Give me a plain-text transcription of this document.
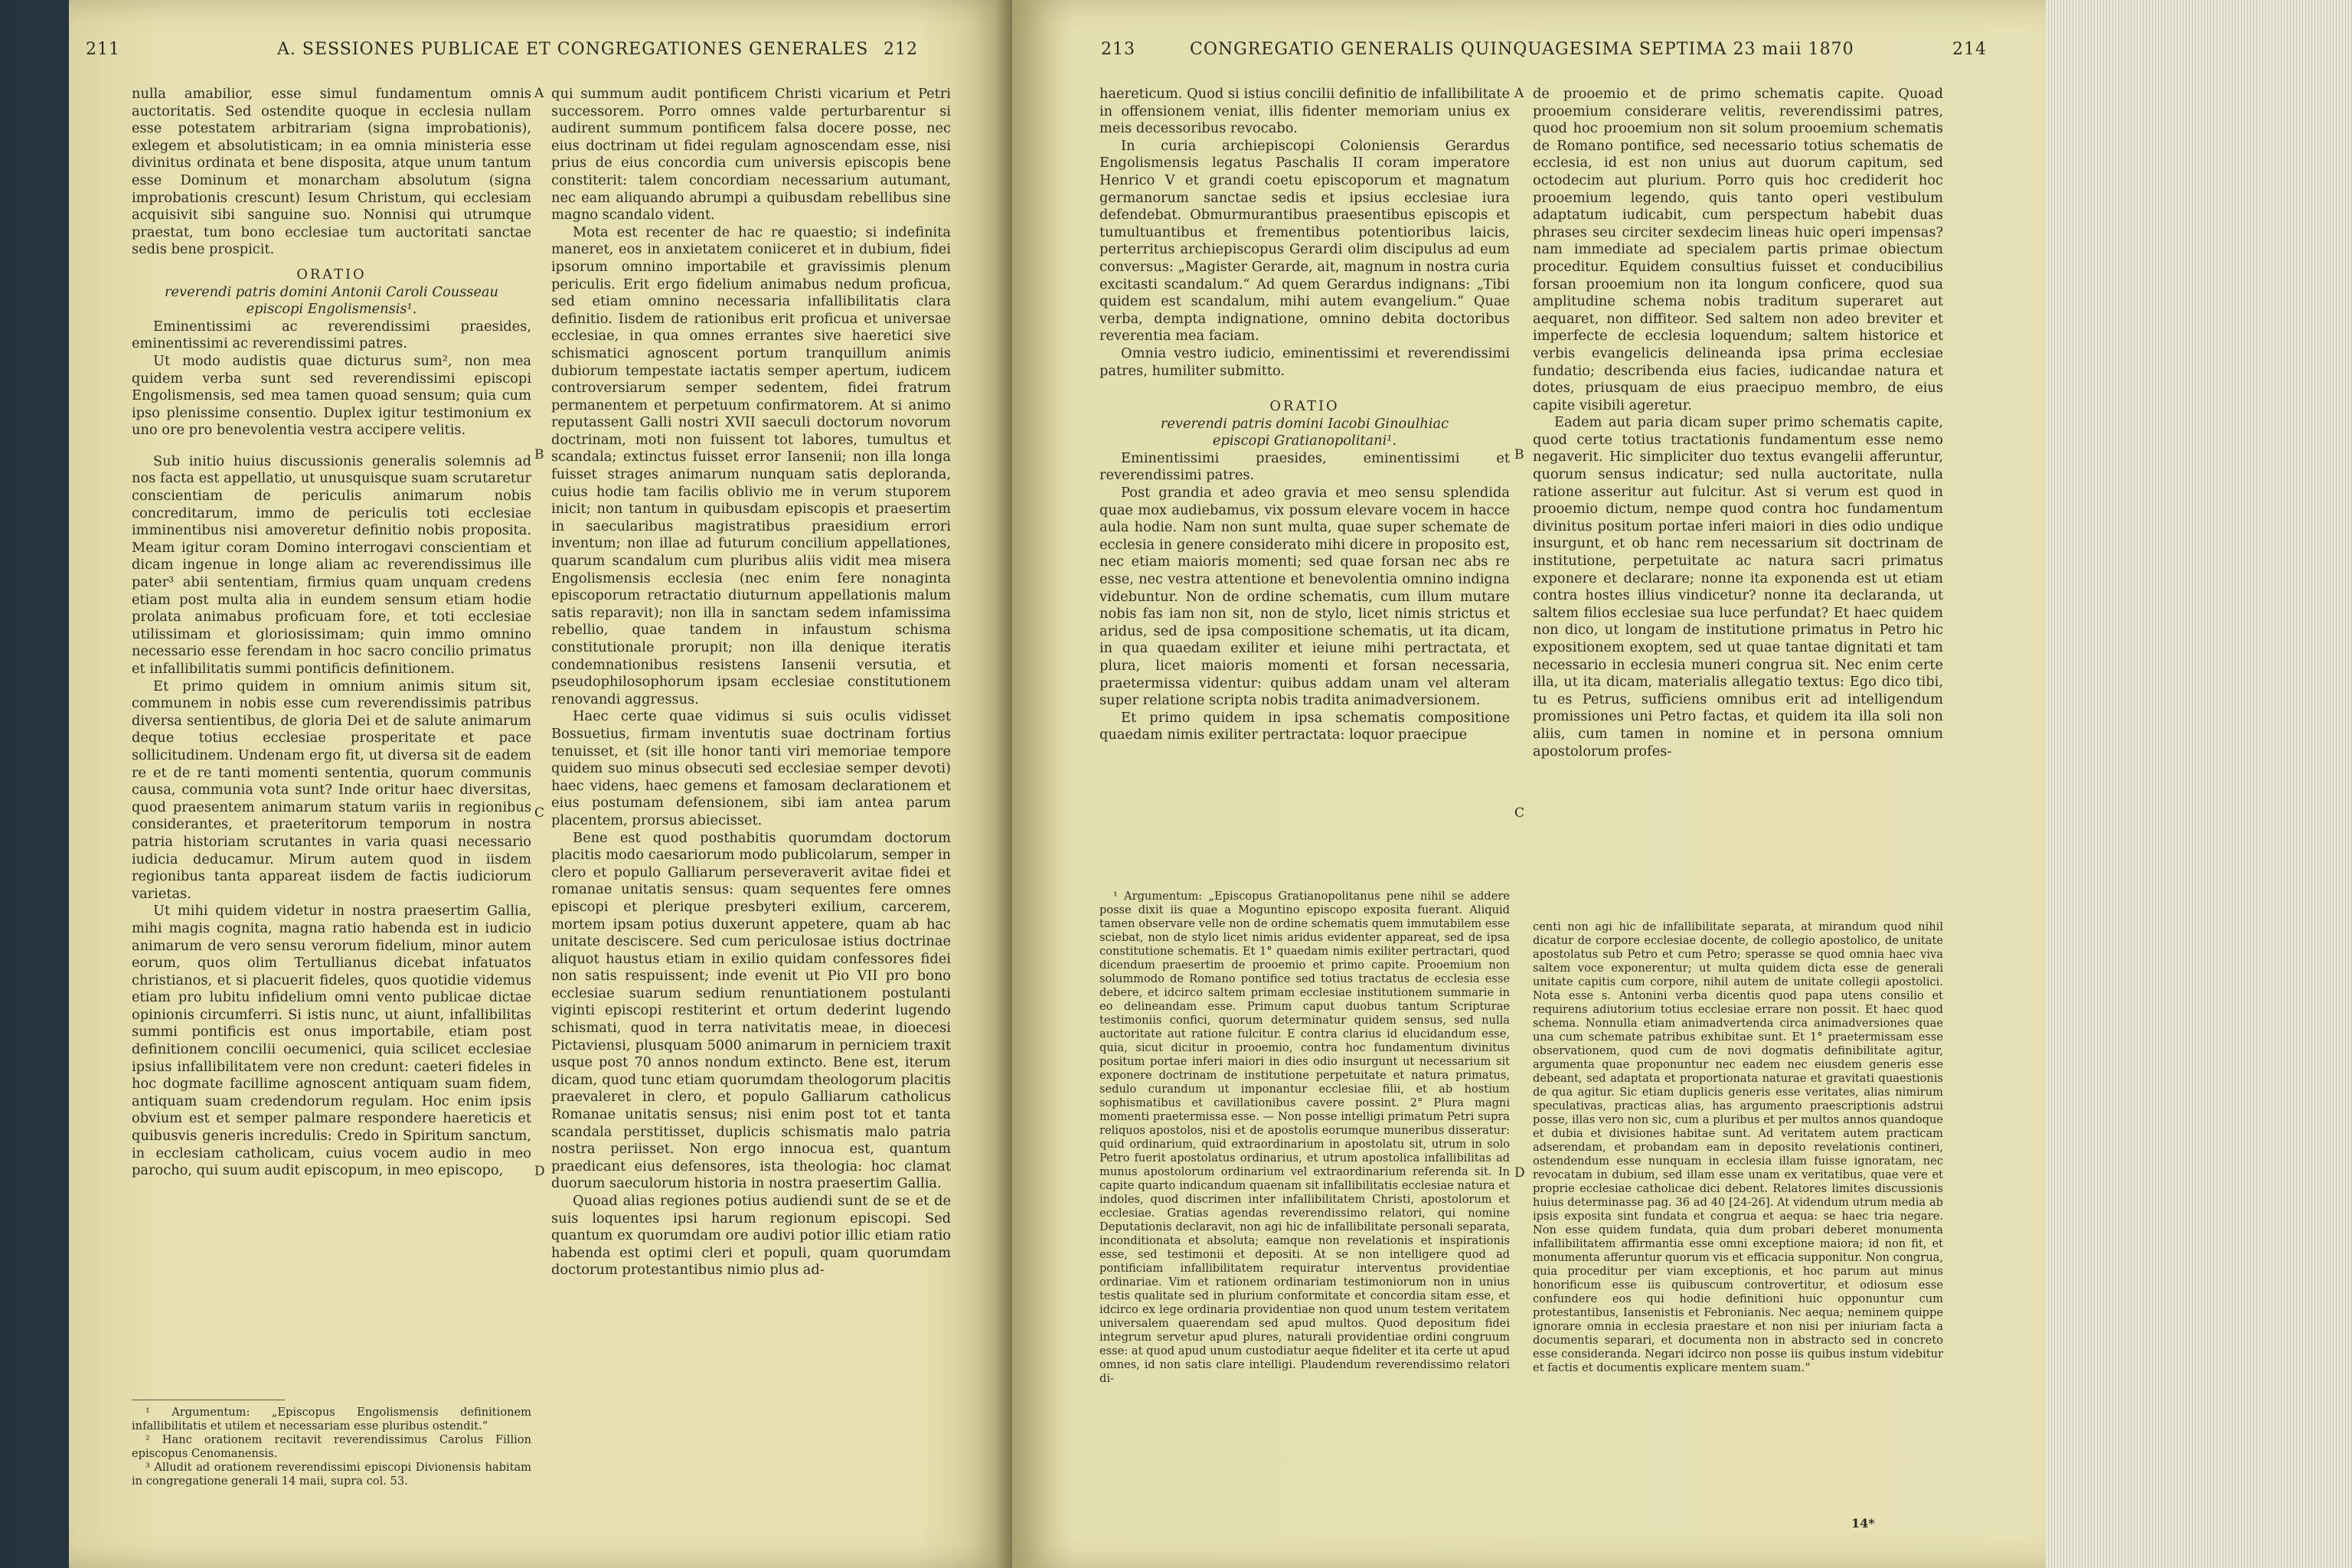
211	A. SESSIONES PUBLICAE ET CONGREGATIONES GENERALES 212

nulla amabilior, esse simul fundamentum omnis auctoritatis. Sed ostendite quoque in ecclesia nullam esse potestatem arbitrariam (signa improbationis), exlegem et absolutisticam; in ea omnia ministeria esse divinitus ordinata et bene disposita, atque unum tantum esse Dominum et monarcham absolutum (signa improbationis crescunt) Iesum Christum, qui ecclesiam acquisivit sibi sanguine suo. Nonnisi qui utrumque praestat, tum bono ecclesiae tum auctoritati sanctae sedis bene prospicit.

ORATIO

reverendi patris domini Antonii Caroli Cousseau

episcopi Engolismensis¹.

Eminentissimi ac reverendissimi praesides, eminentissimi ac reverendissimi patres.

Ut modo audistis quae dicturus sum², non mea quidem verba sunt sed reverendissimi episcopi Engolismensis, sed mea tamen quoad sensum; quia cum ipso plenissime consentio. Duplex igitur testimonium ex uno ore pro benevolentia vestra accipere velitis.

Sub initio huius discussionis generalis solemnis ad nos facta est appellatio, ut unusquisque suam scrutaretur conscientiam de periculis animarum nobis concreditarum, immo de periculis toti ecclesiae imminentibus nisi amoveretur definitio nobis proposita. Meam igitur coram Domino interrogavi conscientiam et dicam ingenue in longe aliam ac reverendissimus ille pater³ abii sententiam, firmius quam unquam credens etiam post multa alia in eundem sensum etiam hodie prolata animabus proficuam fore, et toti ecclesiae utilissimam et gloriosissimam; quin immo omnino necessario esse ferendam in hoc sacro concilio primatus et infallibilitatis summi pontificis definitionem.

Et primo quidem in omnium animis situm sit, communem in nobis esse cum reverendissimis patribus diversa sentientibus, de gloria Dei et de salute animarum deque totius ecclesiae prosperitate et pace sollicitudinem. Undenam ergo fit, ut diversa sit de eadem re et de re tanti momenti sententia, quorum communis causa, communia vota sunt? Inde oritur haec diversitas, quod praesentem animarum statum variis in regionibus considerantes, et praeteritorum temporum in nostra patria historiam scrutantes in varia quasi necessario iudicia deducamur. Mirum autem quod in iisdem regionibus tanta appareat iisdem de factis iudiciorum varietas.

Ut mihi quidem videtur in nostra praesertim Gallia, mihi magis cognita, magna ratio habenda est in iudicio animarum de vero sensu verorum fidelium, minor autem eorum, quos olim Tertullianus dicebat infatuatos christianos, et si placuerit fideles, quos quotidie videmus etiam pro lubitu infidelium omni vento publicae dictae opinionis circumferri. Si istis nunc, ut aiunt, infallibilitas summi pontificis est onus importabile, etiam post definitionem concilii oecumenici, quia scilicet ecclesiae ipsius infallibilitatem vere non credunt: caeteri fideles in hoc dogmate facillime agnoscent antiquam suam fidem, antiquam suam credendorum regulam. Hoc enim ipsis obvium est et semper palmare respondere haereticis et quibusvis generis incredulis: Credo in Spiritum sanctum, in ecclesiam catholicam, cuius vocem audio in meo parocho, qui suum audit episcopum, in meo episcopo,

¹ Argumentum: „Episcopus Engolismensis definitionem infallibilitatis et utilem et necessariam esse pluribus ostendit.“

² Hanc orationem recitavit reverendissimus Carolus Fillion episcopus Cenomanensis.

³ Alludit ad orationem reverendissimi episcopi Divionensis habitam in congregatione generali 14 maii, supra col. 53.

A
B
C
D

qui summum audit pontificem Christi vicarium et Petri successorem. Porro omnes valde perturbarentur si audirent summum pontificem falsa docere posse, nec eius doctrinam ut fidei regulam agnoscendam esse, nisi prius de eius concordia cum universis episcopis bene constiterit: talem concordiam necessarium autumant, nec eam aliquando abrumpi a quibusdam rebellibus sine magno scandalo vident.

Mota est recenter de hac re quaestio; si indefinita maneret, eos in anxietatem coniiceret et in dubium, fidei ipsorum omnino importabile et gravissimis plenum periculis. Erit ergo fidelium animabus nedum proficua, sed etiam omnino necessaria infallibilitatis clara definitio. Iisdem de rationibus erit proficua et universae ecclesiae, in qua omnes errantes sive haeretici sive schismatici agnoscent portum tranquillum animis dubiorum tempestate iactatis semper apertum, iudicem controversiarum semper sedentem, fidei fratrum permanentem et perpetuum confirmatorem. At si animo reputassent Galli nostri XVII saeculi doctorum novorum doctrinam, moti non fuissent tot labores, tumultus et scandala; extinctus fuisset error Iansenii; non illa longa fuisset strages animarum nunquam satis deploranda, cuius hodie tam facilis oblivio me in verum stuporem inicit; non tantum in quibusdam episcopis et praesertim in saecularibus magistratibus praesidium errori inventum; non illae ad futurum concilium appellationes, quarum scandalum cum pluribus aliis vidit mea misera Engolismensis ecclesia (nec enim fere nonaginta episcoporum retractatio diuturnum appellationis malum satis reparavit); non illa in sanctam sedem infamissima rebellio, quae tandem in infaustum schisma constitutionale prorupit; non illa denique iteratis condemnationibus resistens Iansenii versutia, et pseudophilosophorum ipsam ecclesiae constitutionem renovandi aggressus.

Haec certe quae vidimus si suis oculis vidisset Bossuetius, firmam inventutis suae doctrinam fortius tenuisset, et (sit ille honor tanti viri memoriae tempore quidem suo minus obsecuti sed ecclesiae semper devoti) haec videns, haec gemens et famosam declarationem et eius postumam defensionem, sibi iam antea parum placentem, prorsus abiecisset.

Bene est quod posthabitis quorumdam doctorum placitis modo caesariorum modo publicolarum, semper in clero et populo Galliarum perseveraverit avitae fidei et romanae unitatis sensus: quam sequentes fere omnes episcopi et plerique presbyteri exilium, carcerem, mortem ipsam potius duxerunt appetere, quam ab hac unitate desciscere. Sed cum periculosae istius doctrinae aliquot haustus etiam in exilio quidam confessores fidei non satis respuissent; inde evenit ut Pio VII pro bono ecclesiae suarum sedium renuntiationem postulanti viginti episcopi restiterint et ortum dederint lugendo schismati, quod in terra nativitatis meae, in dioecesi Pictaviensi, plusquam 5000 animarum in perniciem traxit usque post 70 annos nondum extincto. Bene est, iterum dicam, quod tunc etiam quorumdam theologorum placitis praevaleret in clero, et populo Galliarum catholicus Romanae unitatis sensus; nisi enim post tot et tanta scandala perstitisset, duplicis schismatis malo patria nostra periisset. Non ergo innocua est, quantum praedicant eius defensores, ista theologia: hoc clamat duorum saeculorum historia in nostra praesertim Gallia.

Quoad alias regiones potius audiendi sunt de se et de suis loquentes ipsi harum regionum episcopi. Sed quantum ex quorumdam ore audivi potior illic etiam ratio habenda est optimi cleri et populi, quam quorumdam doctorum protestantibus nimio plus ad-

213	CONGREGATIO GENERALIS QUINQUAGESIMA SEPTIMA 23 maii 1870	214

haereticum. Quod si istius concilii definitio de infallibilitate in offensionem veniat, illis fidenter memoriam unius ex meis decessoribus revocabo.

In curia archiepiscopi Coloniensis Gerardus Engolismensis legatus Paschalis II coram imperatore Henrico V et grandi coetu episcoporum et magnatum germanorum sanctae sedis et ipsius ecclesiae iura defendebat. Obmurmurantibus praesentibus episcopis et tumultuantibus et frementibus potentioribus laicis, perterritus archiepiscopus Gerardi olim discipulus ad eum conversus: „Magister Gerarde, ait, magnum in nostra curia excitasti scandalum.“ Ad quem Gerardus indignans: „Tibi quidem est scandalum, mihi autem evangelium.“ Quae verba, dempta indignatione, omnino debita doctoribus reverentia mea faciam.

Omnia vestro iudicio, eminentissimi et reverendissimi patres, humiliter submitto.

ORATIO

reverendi patris domini Iacobi Ginoulhiac

episcopi Gratianopolitani¹.

Eminentissimi praesides, eminentissimi et reverendissimi patres.

Post grandia et adeo gravia et meo sensu splendida quae mox audiebamus, vix possum elevare vocem in hacce aula hodie. Nam non sunt multa, quae super schemate de ecclesia in genere considerato mihi dicere in proposito est, nec etiam maioris momenti; sed quae forsan nec abs re esse, nec vestra attentione et benevolentia omnino indigna videbuntur. Non de ordine schematis, cum illum mutare nobis fas iam non sit, non de stylo, licet nimis strictus et aridus, sed de ipsa compositione schematis, ut ita dicam, in qua quaedam exiliter et ieiune mihi pertractata, et plura, licet maioris momenti et forsan necessaria, praetermissa videntur: quibus addam unam vel alteram super relatione scripta nobis tradita animadversionem.

Et primo quidem in ipsa schematis compositione quaedam nimis exiliter pertractata: loquor praecipue

A
B
C
D

de prooemio et de primo schematis capite. Quoad prooemium considerare velitis, reverendissimi patres, quod hoc prooemium non sit solum prooemium schematis de Romano pontifice, sed necessario totius schematis de ecclesia, id est non unius aut duorum capitum, sed octodecim aut plurium. Porro quis hoc crediderit hoc prooemium legendo, quis tanto operi vestibulum adaptatum iudicabit, cum perspectum habebit duas phrases seu circiter sexdecim lineas huic operi impensas? nam immediate ad specialem partis primae obiectum proceditur. Equidem consultius fuisset et conducibilius forsan prooemium non ita longum conficere, quod sua amplitudine schema nobis traditum superaret aut aequaret, non diffiteor. Sed saltem non adeo breviter et imperfecte de ecclesia loquendum; saltem historice et verbis evangelicis delineanda ipsa prima ecclesiae fundatio; describenda eius facies, iudicandae natura et dotes, priusquam de eius praecipuo membro, de eius capite visibili ageretur.

Eadem aut paria dicam super primo schematis capite, quod certe totius tractationis fundamentum esse nemo negaverit. Hic simpliciter duo textus evangelii afferuntur, quorum sensus indicatur; sed nulla auctoritate, nulla ratione asseritur aut fulcitur. Ast si verum est quod in prooemio dictum, nempe quod contra hoc fundamentum divinitus positum portae inferi maiori in dies odio undique insurgunt, et ob hanc rem necessarium sit doctrinam de institutione, perpetuitate ac natura sacri primatus exponere et declarare; nonne ita exponenda est ut etiam contra hostes illius vindicetur? nonne ita declaranda, ut saltem filios ecclesiae sua luce perfundat? Et haec quidem non dico, ut longam de institutione primatus in Petro hic expositionem exoptem, sed ut quae tantae dignitati et tam necessario in ecclesia muneri congrua sit. Nec enim certe illa, ut ita dicam, materialis allegatio textus: Ego dico tibi, tu es Petrus, sufficiens omnibus erit ad intelligendum promissiones uni Petro factas, et quidem ita illa soli non aliis, cum tamen in nomine et in persona omnium apostolorum profes-

¹ Argumentum: „Episcopus Gratianopolitanus pene nihil se addere posse dixit iis quae a Moguntino episcopo exposita fuerant. Aliquid tamen observare velle non de ordine schematis quem immutabilem esse sciebat, non de stylo licet nimis aridus evidenter appareat, sed de ipsa constitutione schematis. Et 1° quaedam nimis exiliter pertractari, quod dicendum praesertim de prooemio et primo capite. Prooemium non solummodo de Romano pontifice sed totius tractatus de ecclesia esse debere, et idcirco saltem primam ecclesiae institutionem summarie in eo delineandam esse. Primum caput duobus tantum Scripturae testimoniis confici, quorum determinatur quidem sensus, sed nulla auctoritate aut ratione fulcitur. E contra clarius id elucidandum esse, quia, sicut dicitur in prooemio, contra hoc fundamentum divinitus positum portae inferi maiori in dies odio insurgunt ut necessarium sit exponere doctrinam de institutione perpetuitate et natura primatus, sedulo curandum ut imponantur ecclesiae filii, et ab hostium sophismatibus et cavillationibus cavere possint. 2° Plura magni momenti praetermissa esse. — Non posse intelligi primatum Petri supra reliquos apostolos, nisi et de apostolis eorumque muneribus disseratur: quid ordinarium, quid extraordinarium in apostolatu sit, utrum in solo Petro fuerit apostolatus ordinarius, et utrum apostolica infallibilitas ad munus apostolorum ordinarium vel extraordinarium referenda sit. In capite quarto indicandum quaenam sit infallibilitatis ecclesiae natura et indoles, quod discrimen inter infallibilitatem Christi, apostolorum et ecclesiae. Gratias agendas reverendissimo relatori, qui nomine Deputationis declaravit, non agi hic de infallibilitate personali separata, inconditionata et absoluta; eamque non revelationis et inspirationis esse, sed testimonii et depositi. At se non intelligere quod ad pontificiam infallibilitatem requiratur interventus providentiae ordinariae. Vim et rationem ordinariam testimoniorum non in unius testis qualitate sed in plurium conformitate et concordia sitam esse, et idcirco ex lege ordinaria providentiae non quod unum testem veritatem universalem quaerendam sed apud multos. Quod depositum fidei integrum servetur apud plures, naturali providentiae ordini congruum esse: at quod apud unum custodiatur aeque fideliter et ita certe ut apud omnes, id non satis clare intelligi. Plaudendum reverendissimo relatori di-

centi non agi hic de infallibilitate separata, at mirandum quod nihil dicatur de corpore ecclesiae docente, de collegio apostolico, de unitate apostolatus sub Petro et cum Petro; sperasse se quod omnia haec viva saltem voce exponerentur; ut multa quidem dicta esse de generali unitate capitis cum corpore, nihil autem de unitate collegii apostolici. Nota esse s. Antonini verba dicentis quod papa utens consilio et requirens adiutorium totius ecclesiae errare non possit. Et haec quod schema. Nonnulla etiam animadvertenda circa animadversiones quae una cum schemate patribus exhibitae sunt. Et 1° praetermissam esse observationem, quod cum de novi dogmatis definibilitate agitur, argumenta quae proponuntur nec eadem nec eiusdem generis esse debeant, sed adaptata et proportionata naturae et gravitati quaestionis de qua agitur. Sic etiam duplicis generis esse veritates, alias nimirum speculativas, practicas alias, has argumento praescriptionis adstrui posse, illas vero non sic, cum a pluribus et per multos annos quandoque et dubia et divisiones habitae sunt. Ad veritatem autem practicam adserendam, et probandam eam in deposito revelationis contineri, ostendendum esse nunquam in ecclesia illam fuisse ignoratam, nec revocatam in dubium, sed illam esse unam ex veritatibus, quae vere et proprie ecclesiae catholicae dici debent. Relatores limites discussionis huius determinasse pag. 36 ad 40 [24-26]. At videndum utrum media ab ipsis exposita sint fundata et congrua et aequa: se haec tria negare. Non esse quidem fundata, quia dum probari deberet monumenta infallibilitatem affirmantia esse omni exceptione maiora; id non fit, et monumenta afferuntur quorum vis et efficacia supponitur. Non congrua, quia proceditur per viam exceptionis, et hoc parum aut minus honorificum esse iis quibuscum controvertitur, et odiosum esse confundere eos qui hodie definitioni huic opponuntur cum protestantibus, Iansenistis et Febronianis. Nec aequa; neminem quippe ignorare omnia in ecclesia praestare et non nisi per iniuriam facta a documentis separari, et documenta non in abstracto sed in concreto esse consideranda. Negari idcirco non posse iis quibus instum videbitur et factis et documentis explicare mentem suam.“

14*
